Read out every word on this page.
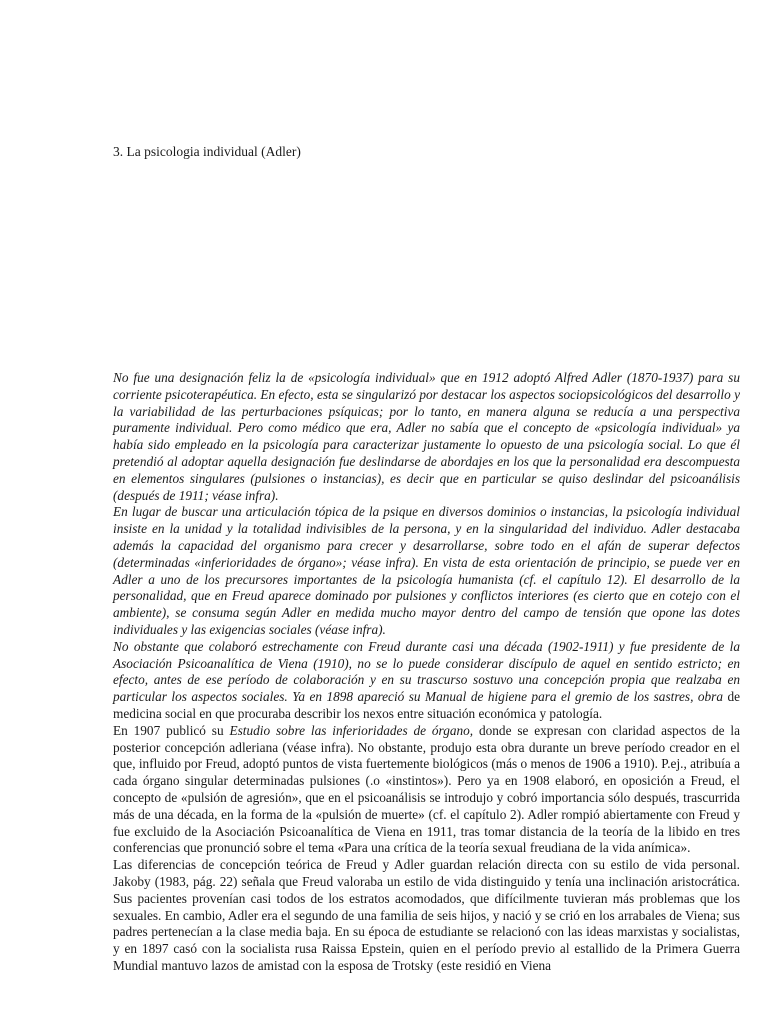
3. La psicologia individual (Adler)

No fue una designación feliz la de «psicología individual» que en 1912 adoptó Alfred Adler (1870-1937) para su corriente psicoterapéutica. En efecto, esta se singularizó por destacar los aspectos sociopsicológicos del desarrollo y la variabilidad de las perturbaciones psíquicas; por lo tanto, en manera alguna se reducía a una perspectiva puramente individual. Pero como médico que era, Adler no sabía que el concepto de «psicología individual» ya había sido empleado en la psicología para caracterizar justamente lo opuesto de una psicología social. Lo que él pretendió al adoptar aquella designación fue deslindarse de abordajes en los que la personalidad era descompuesta en elementos singulares (pulsiones o instancias), es decir que en particular se quiso deslindar del psicoanálisis (después de 1911; véase infra).

En lugar de buscar una articulación tópica de la psique en diversos dominios o instancias, la psicología individual insiste en la unidad y la totalidad indivisibles de la persona, y en la singularidad del individuo. Adler destacaba además la capacidad del organismo para crecer y desarrollarse, sobre todo en el afán de superar defectos (determinadas «inferioridades de órgano»; véase infra). En vista de esta orientación de principio, se puede ver en Adler a uno de los precursores importantes de la psicología humanista (cf. el capítulo 12). El desarrollo de la personalidad, que en Freud aparece dominado por pulsiones y conflictos interiores (es cierto que en cotejo con el ambiente), se consuma según Adler en medida mucho mayor dentro del campo de tensión que opone las dotes individuales y las exigencias sociales (véase infra).

No obstante que colaboró estrechamente con Freud durante casi una década (1902-1911) y fue presidente de la Asociación Psicoanalítica de Viena (1910), no se lo puede considerar discípulo de aquel en sentido estricto; en efecto, antes de ese período de colaboración y en su trascurso sostuvo una concepción propia que realzaba en particular los aspectos sociales. Ya en 1898 apareció su Manual de higiene para el gremio de los sastres, obra de medicina social en que procuraba describir los nexos entre situación económica y patología.

En 1907 publicó su Estudio sobre las inferioridades de órgano, donde se expresan con claridad aspectos de la posterior concepción adleriana (véase infra). No obstante, produjo esta obra durante un breve período creador en el que, influido por Freud, adoptó puntos de vista fuertemente biológicos (más o menos de 1906 a 1910). P.ej., atribuía a cada órgano singular determinadas pulsiones (.o «instintos»). Pero ya en 1908 elaboró, en oposición a Freud, el concepto de «pulsión de agresión», que en el psicoanálisis se introdujo y cobró importancia sólo después, trascurrida más de una década, en la forma de la «pulsión de muerte» (cf. el capítulo 2). Adler rompió abiertamente con Freud y fue excluido de la Asociación Psicoanalítica de Viena en 1911, tras tomar distancia de la teoría de la libido en tres conferencias que pronunció sobre el tema «Para una crítica de la teoría sexual freudiana de la vida anímica».

Las diferencias de concepción teórica de Freud y Adler guardan relación directa con su estilo de vida personal. Jakoby (1983, pág. 22) señala que Freud valoraba un estilo de vida distinguido y tenía una inclinación aristocrática. Sus pacientes provenían casi todos de los estratos acomodados, que difícilmente tuvieran más problemas que los sexuales. En cambio, Adler era el segundo de una familia de seis hijos, y nació y se crió en los arrabales de Viena; sus padres pertenecían a la clase media baja. En su época de estudiante se relacionó con las ideas marxistas y socialistas, y en 1897 casó con la socialista rusa Raissa Epstein, quien en el período previo al estallido de la Primera Guerra Mundial mantuvo lazos de amistad con la esposa de Trotsky (este residió en Viena
